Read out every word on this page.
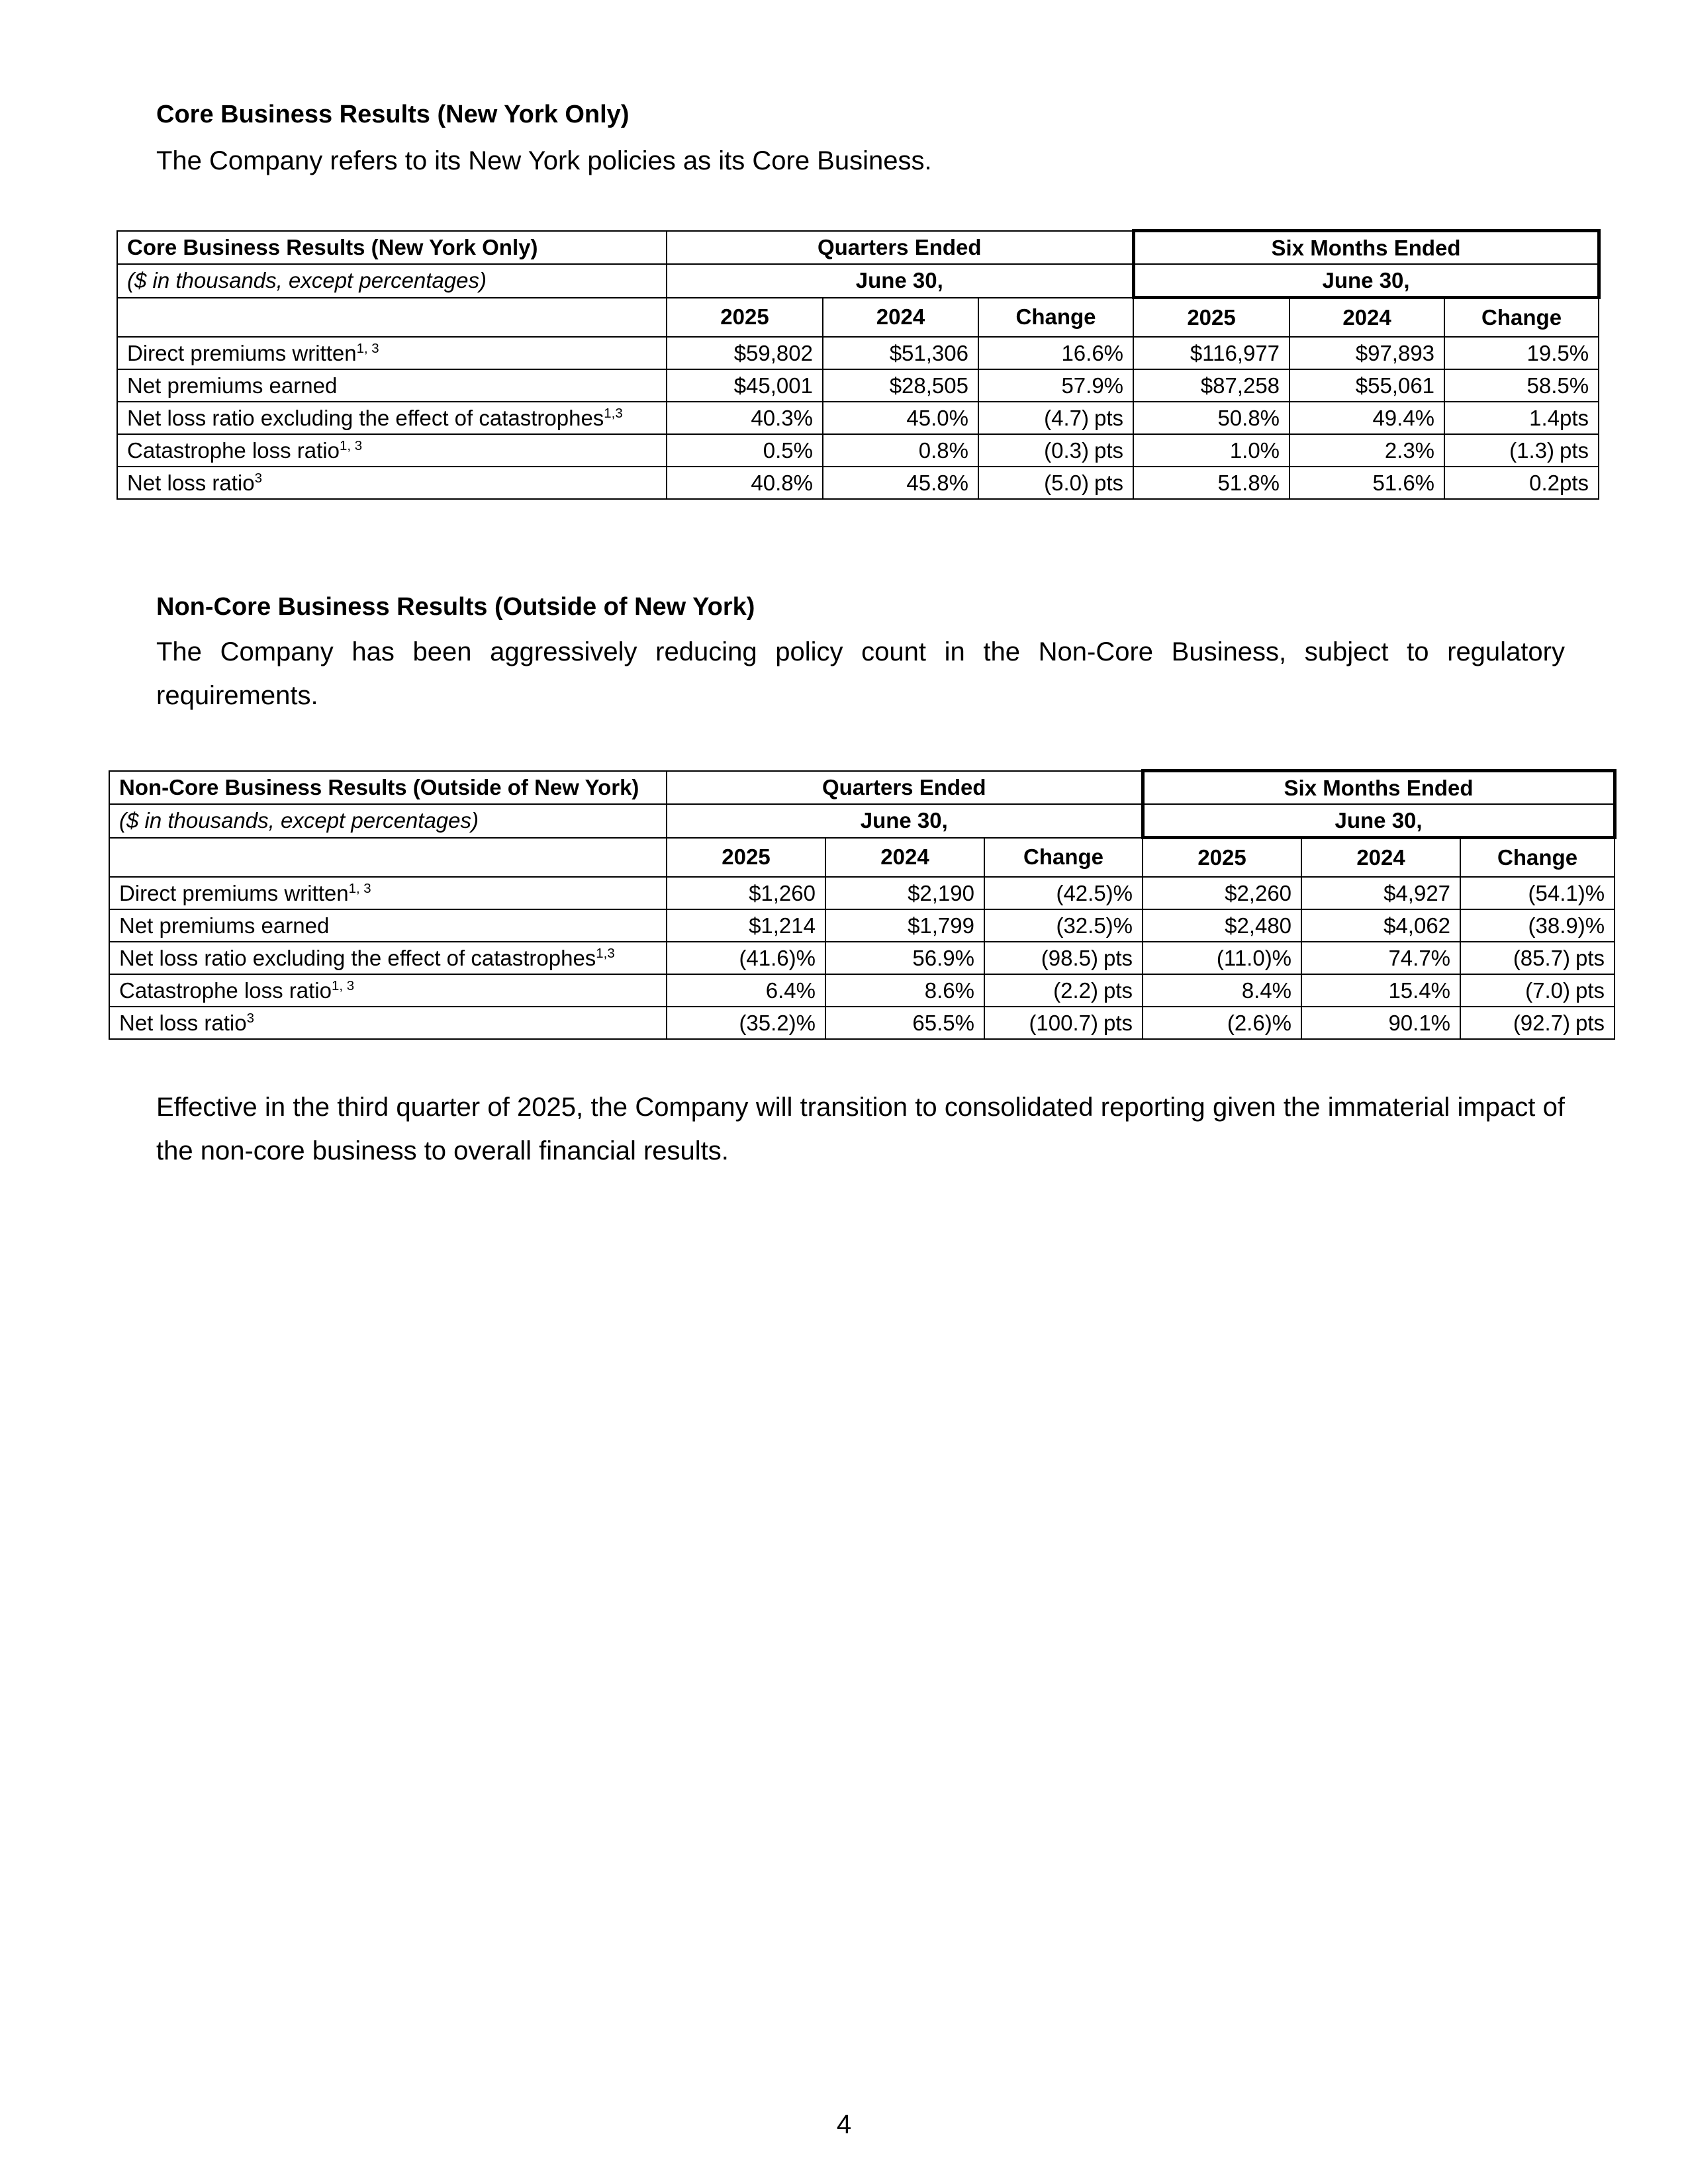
Core Business Results (New York Only)

The Company refers to its New York policies as its Core Business.

Core Business Results (New York Only)	Quarters Ended			Six Months Ended		
($ in thousands, except percentages)	June 30,			June 30,		
	2025	2024	Change	2025	2024	Change
Direct premiums written$^{1, 3}$	$59,802	$51,306	16.6%	$116,977	$97,893	19.5%
Net premiums earned	$45,001	$28,505	57.9%	$87,258	$55,061	58.5%
Net loss ratio excluding the effect of catastrophes$^{1,3}$	40.3%	45.0%	(4.7) pts	50.8%	49.4%	1.4pts
Catastrophe loss ratio$^{1, 3}$	0.5%	0.8%	(0.3) pts	1.0%	2.3%	(1.3) pts
Net loss ratio$^3$	40.8%	45.8%	(5.0) pts	51.8%	51.6%	0.2pts
Non-Core Business Results (Outside of New York)

The Company has been aggressively reducing policy count in the Non-Core Business, subject to regulatory requirements.

Non-Core Business Results (Outside of New York)	Quarters Ended			Six Months Ended		
($ in thousands, except percentages)	June 30,			June 30,		
	2025	2024	Change	2025	2024	Change
Direct premiums written$^{1, 3}$	$1,260	$2,190	(42.5)%	$2,260	$4,927	(54.1)%
Net premiums earned	$1,214	$1,799	(32.5)%	$2,480	$4,062	(38.9)%
Net loss ratio excluding the effect of catastrophes$^{1,3}$	(41.6)%	56.9%	(98.5) pts	(11.0)%	74.7%	(85.7) pts
Catastrophe loss ratio$^{1, 3}$	6.4%	8.6%	(2.2) pts	8.4%	15.4%	(7.0) pts
Net loss ratio$^3$	(35.2)%	65.5%	(100.7) pts	(2.6)%	90.1%	(92.7) pts

Effective in the third quarter of 2025, the Company will transition to consolidated reporting given the immaterial impact of the non-core business to overall financial results.

4
